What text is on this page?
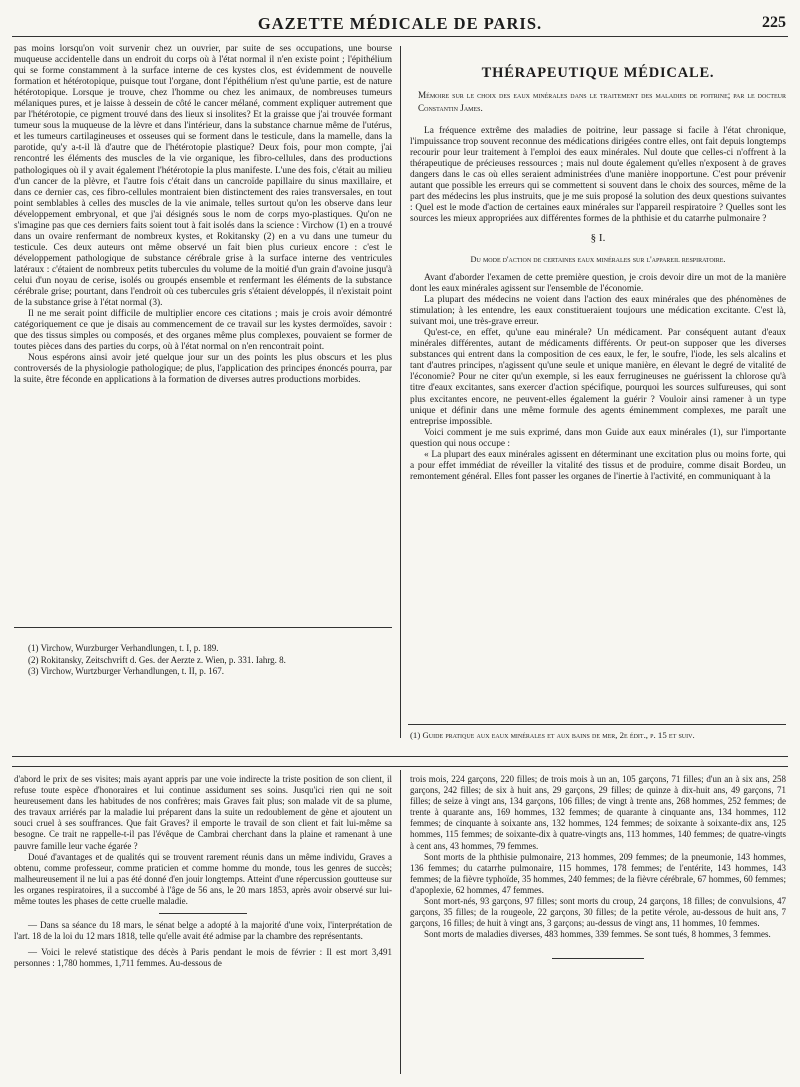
GAZETTE MÉDICALE DE PARIS.	225

pas moins lorsqu'on voit survenir chez un ouvrier, par suite de ses occupations, une bourse muqueuse accidentelle dans un endroit du corps où à l'état normal il n'en existe point ; l'épithélium qui se forme constamment à la surface interne de ces kystes clos, est évidemment de nouvelle formation et hétérotopique, puisque tout l'organe, dont l'épithélium n'est qu'une partie, est de nature hétérotopique. Lorsque je trouve, chez l'homme ou chez les animaux, de nombreuses tumeurs mélaniques pures, et je laisse à dessein de côté le cancer mélané, comment expliquer autrement que par l'hétérotopie, ce pigment trouvé dans des lieux si insolites? Et la graisse que j'ai trouvée formant tumeur sous la muqueuse de la lèvre et dans l'intérieur, dans la substance charnue même de l'utérus, et les tumeurs cartilagineuses et osseuses qui se forment dans le testicule, dans la mamelle, dans la parotide, qu'y a-t-il là d'autre que de l'hétérotopie plastique? Deux fois, pour mon compte, j'ai rencontré les éléments des muscles de la vie organique, les fibro-cellules, dans des productions pathologiques où il y avait également l'hétérotopie la plus manifeste. L'une des fois, c'était au milieu d'un cancer de la plèvre, et l'autre fois c'était dans un cancroïde papillaire du sinus maxillaire, et dans ce dernier cas, ces fibro-cellules montraient bien distinctement des raies transversales, en tout point semblables à celles des muscles de la vie animale, telles surtout qu'on les observe dans leur développement embryonal, et que j'ai désignés sous le nom de corps myo-plastiques. Qu'on ne s'imagine pas que ces derniers faits soient tout à fait isolés dans la science : Virchow (1) en a trouvé dans un ovaire renfermant de nombreux kystes, et Rokitansky (2) en a vu dans une tumeur du testicule. Ces deux auteurs ont même observé un fait bien plus curieux encore : c'est le développement pathologique de substance cérébrale grise à la surface interne des ventricules latéraux : c'étaient de nombreux petits tubercules du volume de la moitié d'un grain d'avoine jusqu'à celui d'un noyau de cerise, isolés ou groupés ensemble et renfermant les éléments de la substance cérébrale grise; pourtant, dans l'endroit où ces tubercules gris s'étaient développés, il n'existait point de la substance grise à l'état normal (3).

Il ne me serait point difficile de multiplier encore ces citations ; mais je crois avoir démontré catégoriquement ce que je disais au commencement de ce travail sur les kystes dermoïdes, savoir : que des tissus simples ou composés, et des organes même plus complexes, pouvaient se former de toutes pièces dans des parties du corps, où à l'état normal on n'en rencontrait point.

Nous espérons ainsi avoir jeté quelque jour sur un des points les plus obscurs et les plus controversés de la physiologie pathologique; de plus, l'application des principes énoncés pourra, par la suite, être féconde en applications à la formation de diverses autres productions morbides.

(1) Virchow, Wurzburger Verhandlungen, t. I, p. 189.

(2) Rokitansky, Zeitschvrift d. Ges. der Aerzte z. Wien, p. 331. Iahrg. 8.

(3) Virchow, Wurtzburger Verhandlungen, t. II, p. 167.

THÉRAPEUTIQUE MÉDICALE.
Mémoire sur le choix des eaux minérales dans le traitement des maladies de poitrine; par le docteur Constantin James.

La fréquence extrême des maladies de poitrine, leur passage si facile à l'état chronique, l'impuissance trop souvent reconnue des médications dirigées contre elles, ont fait depuis longtemps recourir pour leur traitement à l'emploi des eaux minérales. Nul doute que celles-ci n'offrent à la thérapeutique de précieuses ressources ; mais nul doute également qu'elles n'exposent à de graves dangers dans le cas où elles seraient administrées d'une manière inopportune. C'est pour prévenir autant que possible les erreurs qui se commettent si souvent dans le choix des sources, même de la part des médecins les plus instruits, que je me suis proposé la solution des deux questions suivantes : Quel est le mode d'action de certaines eaux minérales sur l'appareil respiratoire ? Quelles sont les sources les mieux appropriées aux différentes formes de la phthisie et du catarrhe pulmonaire ?

§ I.
Du mode d'action de certaines eaux minérales sur l'appareil respiratoire.

Avant d'aborder l'examen de cette première question, je crois devoir dire un mot de la manière dont les eaux minérales agissent sur l'ensemble de l'économie.

La plupart des médecins ne voient dans l'action des eaux minérales que des phénomènes de stimulation; à les entendre, les eaux constitueraient toujours une médication excitante. C'est là, suivant moi, une très-grave erreur.

Qu'est-ce, en effet, qu'une eau minérale? Un médicament. Par conséquent autant d'eaux minérales différentes, autant de médicaments différents. Or peut-on supposer que les diverses substances qui entrent dans la composition de ces eaux, le fer, le soufre, l'iode, les sels alcalins et tant d'autres principes, n'agissent qu'une seule et unique manière, en élevant le degré de vitalité de l'économie? Pour ne citer qu'un exemple, si les eaux ferrugineuses ne guérissent la chlorose qu'à titre d'eaux excitantes, sans exercer d'action spécifique, pourquoi les sources sulfureuses, qui sont plus excitantes encore, ne peuvent-elles également la guérir ? Vouloir ainsi ramener à un type unique et définir dans une même formule des agents éminemment complexes, me paraît une entreprise impossible.

Voici comment je me suis exprimé, dans mon Guide aux eaux minérales (1), sur l'importante question qui nous occupe :

« La plupart des eaux minérales agissent en déterminant une excitation plus ou moins forte, qui a pour effet immédiat de réveiller la vitalité des tissus et de produire, comme disait Bordeu, un remontement général. Elles font passer les organes de l'inertie à l'activité, en communiquant à la

(1) Guide pratique aux eaux minérales et aux bains de mer, 2e édit., p. 15 et suiv.

d'abord le prix de ses visites; mais ayant appris par une voie indirecte la triste position de son client, il refuse toute espèce d'honoraires et lui continue assidument ses soins. Jusqu'ici rien qui ne soit heureusement dans les habitudes de nos confrères; mais Graves fait plus; son malade vit de sa plume, des travaux arriérés par la maladie lui préparent dans la suite un redoublement de gène et ajoutent un souci cruel à ses souffrances. Que fait Graves? il emporte le travail de son client et fait lui-même sa besogne. Ce trait ne rappelle-t-il pas l'évêque de Cambrai cherchant dans la plaine et ramenant à une pauvre famille leur vache égarée ?

Doué d'avantages et de qualités qui se trouvent rarement réunis dans un même individu, Graves a obtenu, comme professeur, comme praticien et comme homme du monde, tous les genres de succès; malheureusement il ne lui a pas été donné d'en jouir longtemps. Atteint d'une répercussion goutteuse sur les organes respiratoires, il a succombé à l'âge de 56 ans, le 20 mars 1853, après avoir observé sur lui-même toutes les phases de cette cruelle maladie.

— Dans sa séance du 18 mars, le sénat belge a adopté à la majorité d'une voix, l'interprétation de l'art. 18 de la loi du 12 mars 1818, telle qu'elle avait été admise par la chambre des représentants.

— Voici le relevé statistique des décès à Paris pendant le mois de février : Il est mort 3,491 personnes : 1,780 hommes, 1,711 femmes. Au-dessous de

trois mois, 224 garçons, 220 filles; de trois mois à un an, 105 garçons, 71 filles; d'un an à six ans, 258 garçons, 242 filles; de six à huit ans, 29 garçons, 29 filles; de quinze à dix-huit ans, 49 garçons, 71 filles; de seize à vingt ans, 134 garçons, 106 filles; de vingt à trente ans, 268 hommes, 252 femmes; de trente à quarante ans, 169 hommes, 132 femmes; de quarante à cinquante ans, 134 hommes, 112 femmes; de cinquante à soixante ans, 132 hommes, 124 femmes; de soixante à soixante-dix ans, 125 hommes, 115 femmes; de soixante-dix à quatre-vingts ans, 113 hommes, 140 femmes; de quatre-vingts à cent ans, 43 hommes, 79 femmes.

Sont morts de la phthisie pulmonaire, 213 hommes, 209 femmes; de la pneumonie, 143 hommes, 136 femmes; du catarrhe pulmonaire, 115 hommes, 178 femmes; de l'entérite, 143 hommes, 143 femmes; de la fièvre typhoïde, 35 hommes, 240 femmes; de la fièvre cérébrale, 67 hommes, 60 femmes; d'apoplexie, 62 hommes, 47 femmes.

Sont mort-nés, 93 garçons, 97 filles; sont morts du croup, 24 garçons, 18 filles; de convulsions, 47 garçons, 35 filles; de la rougeole, 22 garçons, 30 filles; de la petite vérole, au-dessous de huit ans, 7 garçons, 16 filles; de huit à vingt ans, 3 garçons; au-dessus de vingt ans, 11 hommes, 10 femmes.

Sont morts de maladies diverses, 483 hommes, 339 femmes. Se sont tués, 8 hommes, 3 femmes.
